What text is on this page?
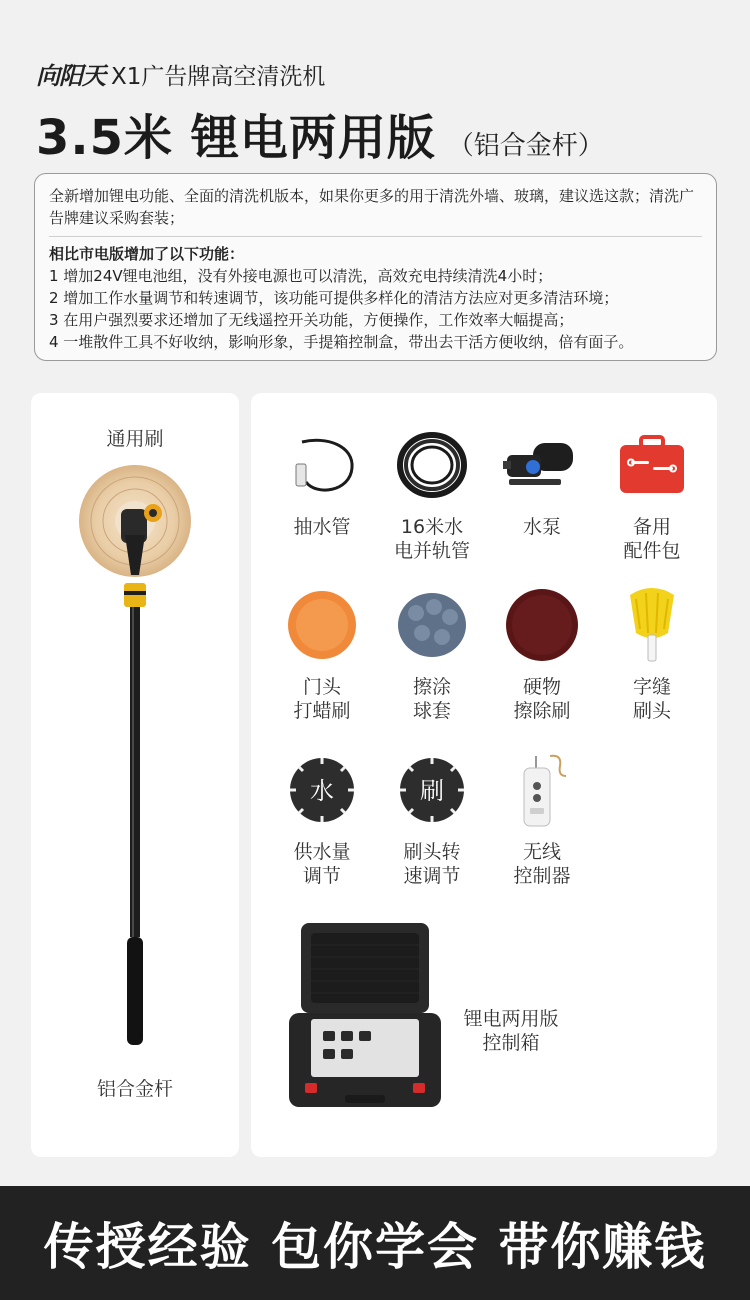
向阳天 X1广告牌高空清洗机
3.5米 锂电两用版 （铝合金杆）
全新增加锂电功能、全面的清洗机版本，如果你更多的用于清洗外墙、玻璃，建议选这款；清洗广告牌建议采购套装；
相比市电版增加了以下功能：
1 增加24V锂电池组，没有外接电源也可以清洗，高效充电持续清洗4小时；
2 增加工作水量调节和转速调节，该功能可提供多样化的清洁方法应对更多清洁环境；
3 在用户强烈要求还增加了无线遥控开关功能，方便操作，工作效率大幅提高；
4 一堆散件工具不好收纳，影响形象，手提箱控制盒，带出去干活方便收纳，倍有面子。
通用刷
铝合金杆
抽水管	16米水
电并轨管
水泵	备用
配件包
门头
打蜡刷
擦涂
球套
硬物
擦除刷
字缝
刷头
水
供水量
调节
刷
刷头转
速调节
无线
控制器
锂电两用版
控制箱
传授经验 包你学会 带你赚钱
